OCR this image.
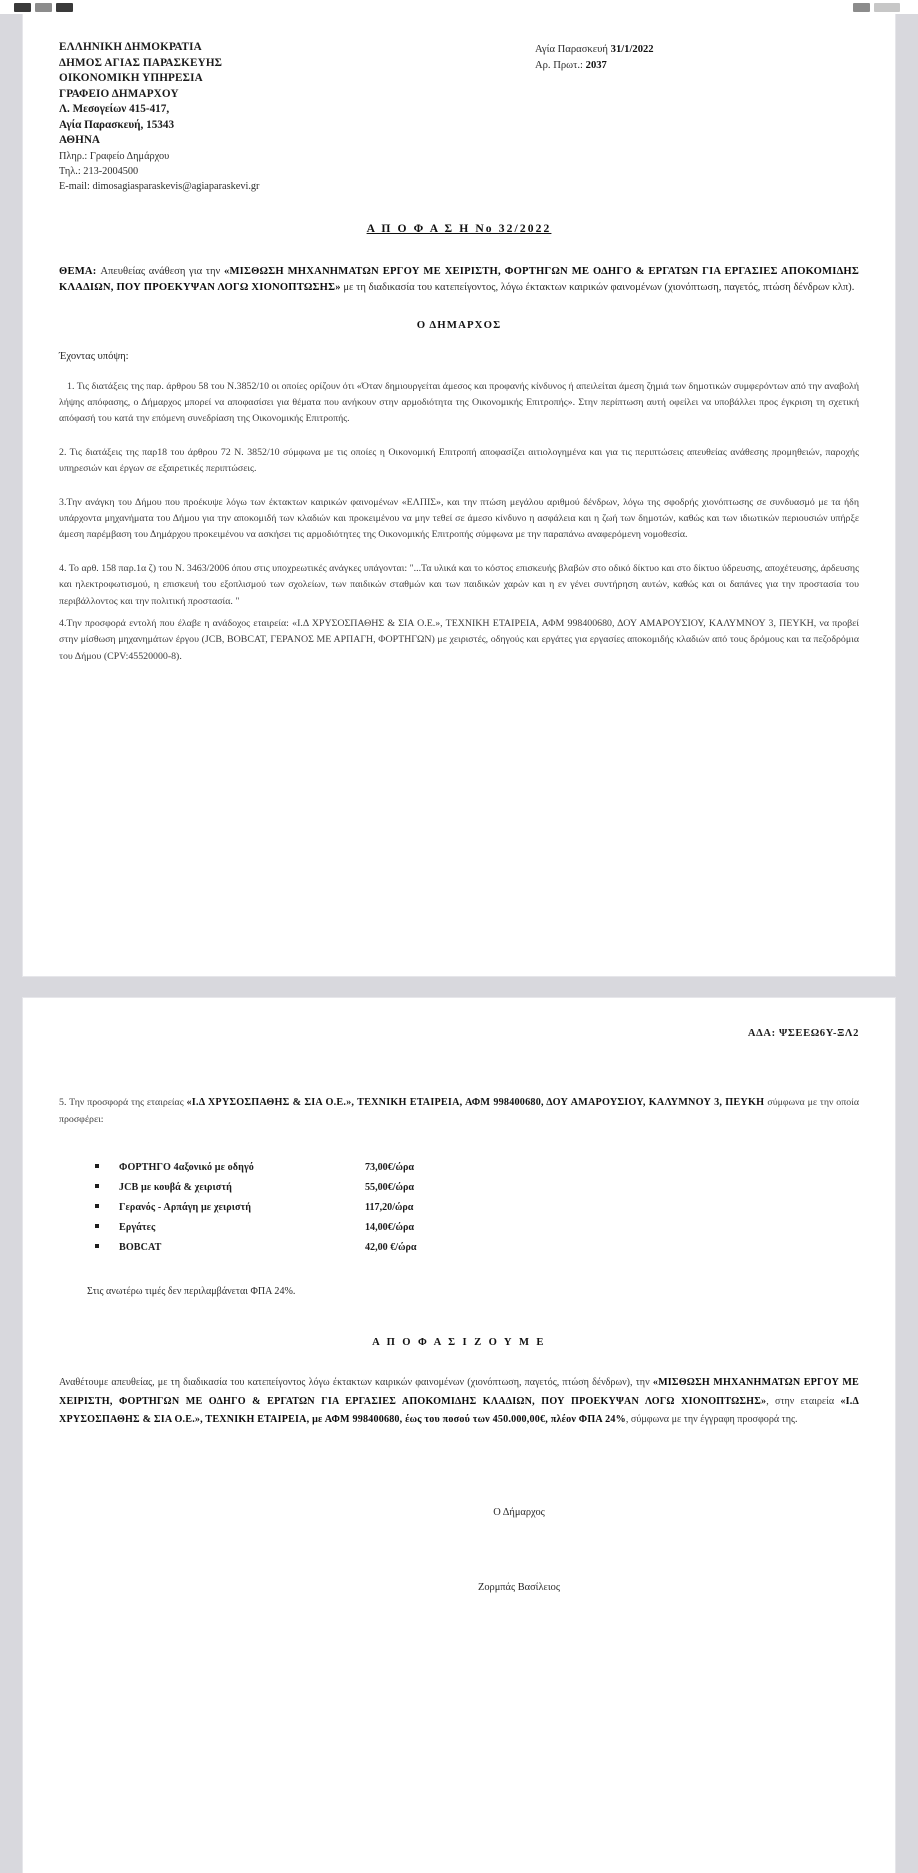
ΕΛΛΗΝΙΚΗ ΔΗΜΟΚΡΑΤΙΑ
ΔΗΜΟΣ ΑΓΙΑΣ ΠΑΡΑΣΚΕΥΗΣ
ΟΙΚΟΝΟΜΙΚΗ ΥΠΗΡΕΣΙΑ
ΓΡΑΦΕΙΟ ΔΗΜΑΡΧΟΥ
Λ. Μεσογείων 415-417,
Αγία Παρασκευή, 15343
ΑΘΗΝΑ
Πληρ.: Γραφείο Δημάρχου
Τηλ.: 213-2004500
E-mail: dimosagiasparaskevis@agiaparaskevi.gr
Αγία Παρασκευή 31/1/2022
Αρ. Πρωτ.: 2037
Α Π Ο Φ Α Σ Η Νο 32/2022
ΘΕΜΑ: Απευθείας ανάθεση για την «ΜΙΣΘΩΣΗ ΜΗΧΑΝΗΜΑΤΩΝ ΕΡΓΟΥ ΜΕ ΧΕΙΡΙΣΤΗ, ΦΟΡΤΗΓΩΝ ΜΕ ΟΔΗΓΟ & ΕΡΓΑΤΩΝ ΓΙΑ ΕΡΓΑΣΙΕΣ ΑΠΟΚΟΜΙΔΗΣ ΚΛΑΔΙΩΝ, ΠΟΥ ΠΡΟΕΚΥΨΑΝ ΛΟΓΩ ΧΙΟΝΟΠΤΩΣΗΣ» με τη διαδικασία του κατεπείγοντος, λόγω έκτακτων καιρικών φαινομένων (χιονόπτωση, παγετός, πτώση δένδρων κλπ).
Ο ΔΗΜΑΡΧΟΣ
Έχοντας υπόψη:
1. Τις διατάξεις της παρ. άρθρου 58 του Ν.3852/10 οι οποίες ορίζουν ότι «Όταν δημιουργείται άμεσος και προφανής κίνδυνος ή απειλείται άμεση ζημιά των δημοτικών συμφερόντων από την αναβολή λήψης απόφασης, ο Δήμαρχος μπορεί να αποφασίσει για θέματα που ανήκουν στην αρμοδιότητα της Οικονομικής Επιτροπής». Στην περίπτωση αυτή οφείλει να υποβάλλει προς έγκριση τη σχετική απόφασή του κατά την επόμενη συνεδρίαση της Οικονομικής Επιτροπής.
2. Τις διατάξεις της παρ18 του άρθρου 72 Ν. 3852/10 σύμφωνα με τις οποίες η Οικονομική Επιτροπή αποφασίζει αιτιολογημένα και για τις περιπτώσεις απευθείας ανάθεσης προμηθειών, παροχής υπηρεσιών και έργων σε εξαιρετικές περιπτώσεις.
3.Την ανάγκη του Δήμου που προέκυψε λόγω των έκτακτων καιρικών φαινομένων «ΕΛΠΙΣ», και την πτώση μεγάλου αριθμού δένδρων, λόγω της σφοδρής χιονόπτωσης σε συνδυασμό με τα ήδη υπάρχοντα μηχανήματα του Δήμου για την αποκομιδή των κλαδιών και προκειμένου να μην τεθεί σε άμεσο κίνδυνο η ασφάλεια και η ζωή των δημοτών, καθώς και των ιδιωτικών περιουσιών υπήρξε άμεση παρέμβαση του Δημάρχου προκειμένου να ασκήσει τις αρμοδιότητες της Οικονομικής Επιτροπής σύμφωνα με την παραπάνω αναφερόμενη νομοθεσία.
4. Το αρθ. 158 παρ.1α ζ) του Ν. 3463/2006 όπου στις υποχρεωτικές ανάγκες υπάγονται: "...Τα υλικά και το κόστος επισκευής βλαβών στο οδικό δίκτυο και στο δίκτυο ύδρευσης, αποχέτευσης, άρδευσης και ηλεκτροφωτισμού, η επισκευή του εξοπλισμού των σχολείων, των παιδικών σταθμών και των παιδικών χαρών και η εν γένει συντήρηση αυτών, καθώς και οι δαπάνες για την προστασία του περιβάλλοντος και την πολιτική προστασία. "
4.Την προσφορά εντολή που έλαβε η ανάδοχος εταιρεία: «Ι.Δ ΧΡΥΣΟΣΠΑΘΗΣ & ΣΙΑ Ο.Ε.», ΤΕΧΝΙΚΗ ΕΤΑΙΡΕΙΑ, ΑΦΜ 998400680, ΔΟΥ ΑΜΑΡΟΥΣΙΟΥ, ΚΑΛΥΜΝΟΥ 3, ΠΕΥΚΗ, να προβεί στην μίσθωση μηχανημάτων έργου (JCB, BOBCAT, ΓΕΡΑΝΟΣ ΜΕ ΑΡΠΑΓΗ, ΦΟΡΤΗΓΩΝ) με χειριστές, οδηγούς και εργάτες για εργασίες αποκομιδής κλαδιών από τους δρόμους και τα πεζοδρόμια του Δήμου (CPV:45520000-8).
ΑΔΑ: ΨΣΕΕΩ6Υ-ΞΛ2
5. Την προσφορά της εταιρείας «Ι.Δ ΧΡΥΣΟΣΠΑΘΗΣ & ΣΙΑ Ο.Ε.», ΤΕΧΝΙΚΗ ΕΤΑΙΡΕΙΑ, ΑΦΜ 998400680, ΔΟΥ ΑΜΑΡΟΥΣΙΟΥ, ΚΑΛΥΜΝΟΥ 3, ΠΕΥΚΗ σύμφωνα με την οποία προσφέρει:
ΦΟΡΤΗΓΟ 4αξονικό με οδηγό	73,00€/ώρα
JCB με κουβά & χειριστή	55,00€/ώρα
Γερανός - Αρπάγη με χειριστή	117,20/ώρα
Εργάτες	14,00€/ώρα
BOBCAT	42,00 €/ώρα
Στις ανωτέρω τιμές δεν περιλαμβάνεται ΦΠΑ 24%.
Α Π Ο Φ Α Σ Ι Ζ Ο Υ Μ Ε
Αναθέτουμε απευθείας, με τη διαδικασία του κατεπείγοντος λόγω έκτακτων καιρικών φαινομένων (χιονόπτωση, παγετός, πτώση δένδρων), την «ΜΙΣΘΩΣΗ ΜΗΧΑΝΗΜΑΤΩΝ ΕΡΓΟΥ ΜΕ ΧΕΙΡΙΣΤΗ, ΦΟΡΤΗΓΩΝ ΜΕ ΟΔΗΓΟ & ΕΡΓΑΤΩΝ ΓΙΑ ΕΡΓΑΣΙΕΣ ΑΠΟΚΟΜΙΔΗΣ ΚΛΑΔΙΩΝ, ΠΟΥ ΠΡΟΕΚΥΨΑΝ ΛΟΓΩ ΧΙΟΝΟΠΤΩΣΗΣ», στην εταιρεία «Ι.Δ ΧΡΥΣΟΣΠΑΘΗΣ & ΣΙΑ Ο.Ε.», ΤΕΧΝΙΚΗ ΕΤΑΙΡΕΙΑ, με ΑΦΜ 998400680, έως του ποσού των 450.000,00€, πλέον ΦΠΑ 24%, σύμφωνα με την έγγραφη προσφορά της.
Ο Δήμαρχος
Ζορμπάς Βασίλειος
